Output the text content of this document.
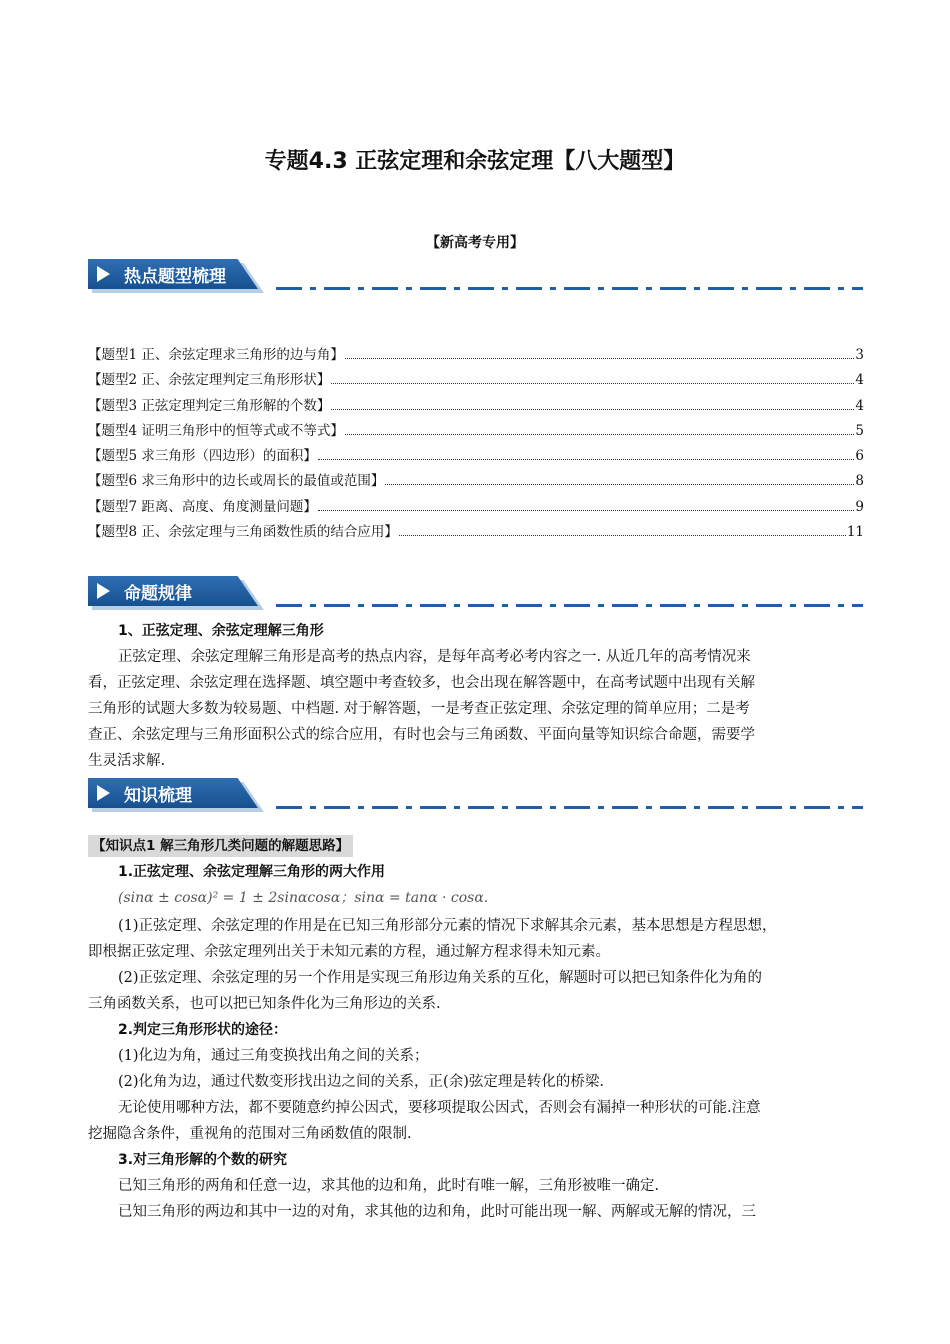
专题4.3 正弦定理和余弦定理【八大题型】
【新高考专用】
热点题型梳理
【题型1 正、余弦定理求三角形的边与角】	3
【题型2 正、余弦定理判定三角形形状】	4
【题型3 正弦定理判定三角形解的个数】	4
【题型4 证明三角形中的恒等式或不等式】	5
【题型5 求三角形（四边形）的面积】	6
【题型6 求三角形中的边长或周长的最值或范围】	8
【题型7 距离、高度、角度测量问题】	9
【题型8 正、余弦定理与三角函数性质的结合应用】	11
命题规律

1、正弦定理、余弦定理解三角形

正弦定理、余弦定理解三角形是高考的热点内容，是每年高考必考内容之一. 从近几年的高考情况来

看，正弦定理、余弦定理在选择题、填空题中考查较多，也会出现在解答题中，在高考试题中出现有关解

三角形的试题大多数为较易题、中档题. 对于解答题，一是考查正弦定理、余弦定理的简单应用；二是考

查正、余弦定理与三角形面积公式的综合应用，有时也会与三角函数、平面向量等知识综合命题，需要学

生灵活求解.

知识梳理

【知识点1 解三角形几类问题的解题思路】

1.正弦定理、余弦定理解三角形的两大作用

(sinα ± cosα)² = 1 ± 2sinαcosα；sinα = tanα · cosα.

(1)正弦定理、余弦定理的作用是在已知三角形部分元素的情况下求解其余元素，基本思想是方程思想，

即根据正弦定理、余弦定理列出关于未知元素的方程，通过解方程求得未知元素。

(2)正弦定理、余弦定理的另一个作用是实现三角形边角关系的互化，解题时可以把已知条件化为角的

三角函数关系，也可以把已知条件化为三角形边的关系.

2.判定三角形形状的途径：

(1)化边为角，通过三角变换找出角之间的关系；

(2)化角为边，通过代数变形找出边之间的关系，正(余)弦定理是转化的桥梁.

无论使用哪种方法，都不要随意约掉公因式，要移项提取公因式，否则会有漏掉一种形状的可能.注意

挖掘隐含条件，重视角的范围对三角函数值的限制.

3.对三角形解的个数的研究

已知三角形的两角和任意一边，求其他的边和角，此时有唯一解，三角形被唯一确定.

已知三角形的两边和其中一边的对角，求其他的边和角，此时可能出现一解、两解或无解的情况，三
